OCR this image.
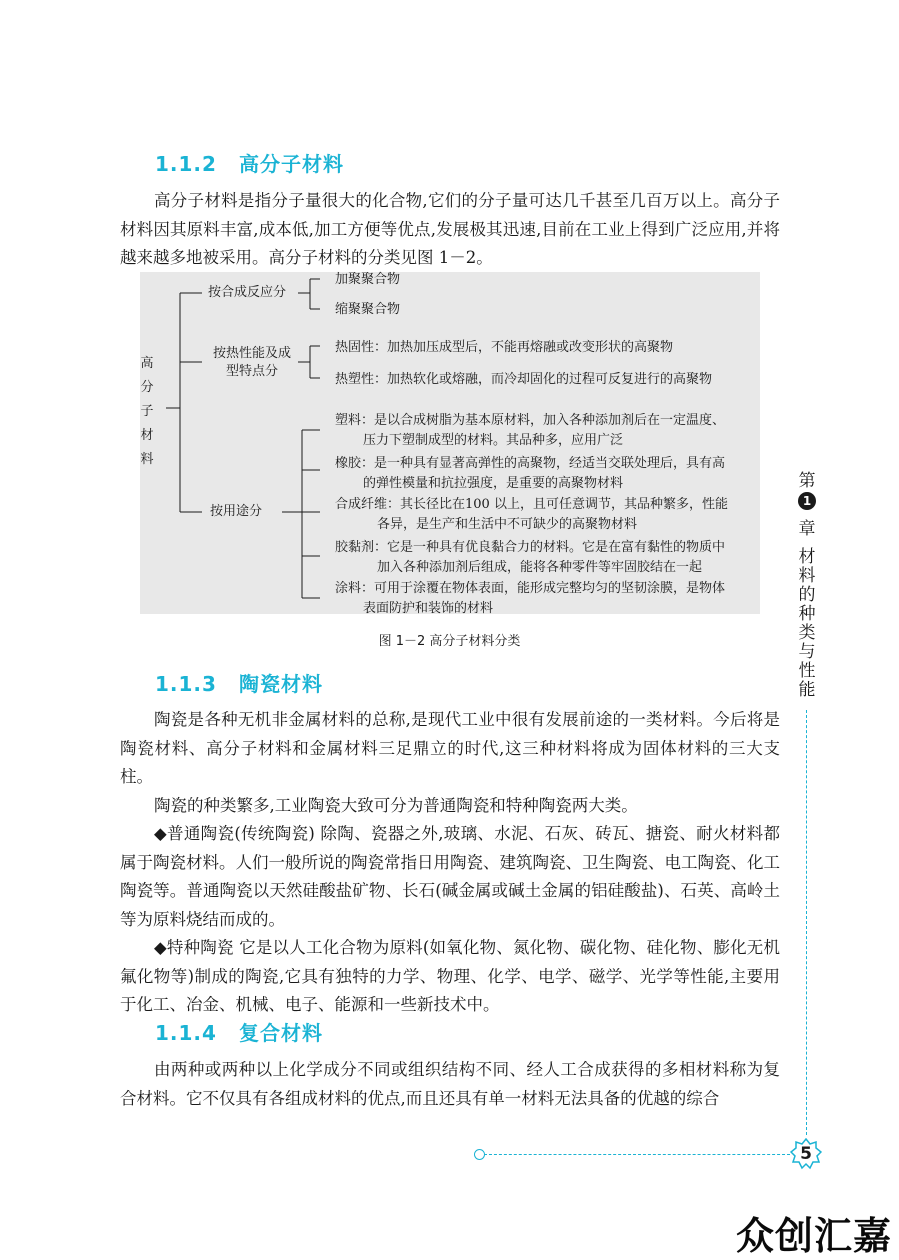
1.1.2 高分子材料

高分子材料是指分子量很大的化合物,它们的分子量可达几千甚至几百万以上。高分子材料因其原料丰富,成本低,加工方便等优点,发展极其迅速,目前在工业上得到广泛应用,并将越来越多地被采用。高分子材料的分类见图 1－2。

高
分
子
材
料
按合成反应分
加聚聚合物
缩聚聚合物
按热性能及成
型特点分
热固性：加热加压成型后，不能再熔融或改变形状的高聚物
热塑性：加热软化或熔融，而冷却固化的过程可反复进行的高聚物
按用途分
塑料：是以合成树脂为基本原材料，加入各种添加剂后在一定温度、
压力下塑制成型的材料。其品种多，应用广泛
橡胶：是一种具有显著高弹性的高聚物，经适当交联处理后，具有高
的弹性模量和抗拉强度，是重要的高聚物材料
合成纤维：其长径比在100 以上，且可任意调节，其品种繁多，性能
各异，是生产和生活中不可缺少的高聚物材料
胶黏剂：它是一种具有优良黏合力的材料。它是在富有黏性的物质中
加入各种添加剂后组成，能将各种零件等牢固胶结在一起
涂料：可用于涂覆在物体表面，能形成完整均匀的坚韧涂膜，是物体
表面防护和装饰的材料
图 1－2 高分子材料分类
1.1.3 陶瓷材料

陶瓷是各种无机非金属材料的总称,是现代工业中很有发展前途的一类材料。今后将是陶瓷材料、高分子材料和金属材料三足鼎立的时代,这三种材料将成为固体材料的三大支柱。

陶瓷的种类繁多,工业陶瓷大致可分为普通陶瓷和特种陶瓷两大类。

◆普通陶瓷(传统陶瓷) 除陶、瓷器之外,玻璃、水泥、石灰、砖瓦、搪瓷、耐火材料都属于陶瓷材料。人们一般所说的陶瓷常指日用陶瓷、建筑陶瓷、卫生陶瓷、电工陶瓷、化工陶瓷等。普通陶瓷以天然硅酸盐矿物、长石(碱金属或碱土金属的铝硅酸盐)、石英、高岭土等为原料烧结而成的。

◆特种陶瓷 它是以人工化合物为原料(如氧化物、氮化物、碳化物、硅化物、膨化无机氟化物等)制成的陶瓷,它具有独特的力学、物理、化学、电学、磁学、光学等性能,主要用于化工、冶金、机械、电子、能源和一些新技术中。

1.1.4 复合材料

由两种或两种以上化学成分不同或组织结构不同、经人工合成获得的多相材料称为复合材料。它不仅具有各组成材料的优点,而且还具有单一材料无法具备的优越的综合

第
1
章
材
料
的
种
类
与
性
能
5
众创汇嘉
